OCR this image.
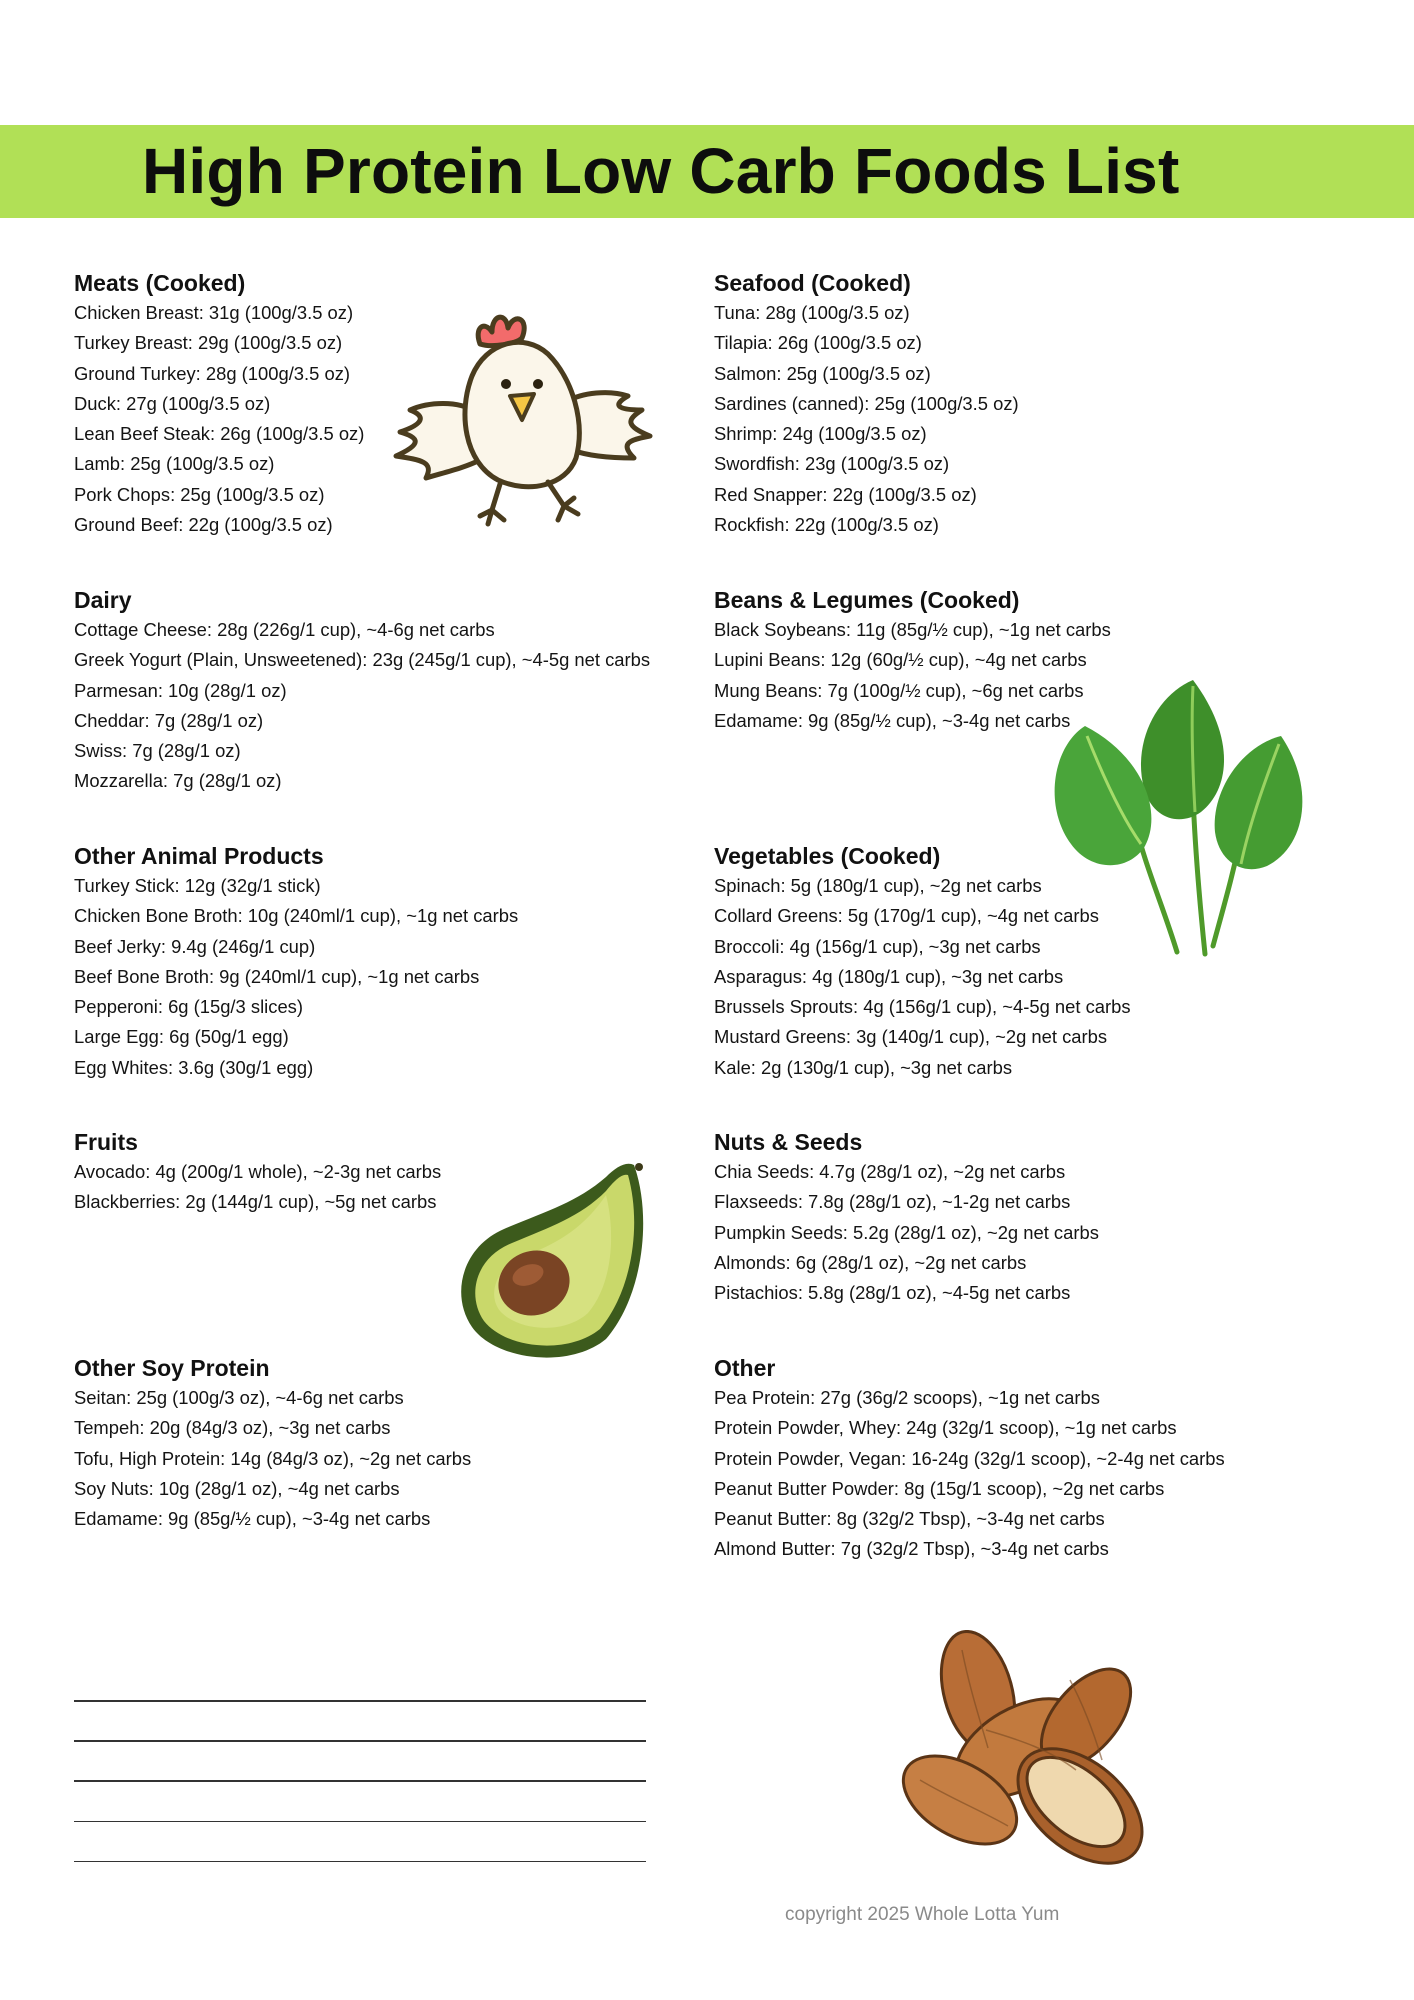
High Protein Low Carb Foods List
Meats (Cooked)
Chicken Breast: 31g (100g/3.5 oz)
Turkey Breast: 29g (100g/3.5 oz)
Ground Turkey: 28g (100g/3.5 oz)
Duck: 27g (100g/3.5 oz)
Lean Beef Steak: 26g (100g/3.5 oz)
Lamb: 25g (100g/3.5 oz)
Pork Chops: 25g (100g/3.5 oz)
Ground Beef: 22g (100g/3.5 oz)
Seafood (Cooked)
Tuna: 28g (100g/3.5 oz)
Tilapia: 26g (100g/3.5 oz)
Salmon: 25g (100g/3.5 oz)
Sardines (canned): 25g (100g/3.5 oz)
Shrimp: 24g (100g/3.5 oz)
Swordfish: 23g (100g/3.5 oz)
Red Snapper: 22g (100g/3.5 oz)
Rockfish: 22g (100g/3.5 oz)
Dairy
Cottage Cheese: 28g (226g/1 cup), ~4-6g net carbs
Greek Yogurt (Plain, Unsweetened): 23g (245g/1 cup), ~4-5g net carbs
Parmesan: 10g (28g/1 oz)
Cheddar: 7g (28g/1 oz)
Swiss: 7g (28g/1 oz)
Mozzarella: 7g (28g/1 oz)
Beans & Legumes (Cooked)
Black Soybeans: 11g (85g/½ cup), ~1g net carbs
Lupini Beans: 12g (60g/½ cup), ~4g net carbs
Mung Beans: 7g (100g/½ cup), ~6g net carbs
Edamame: 9g (85g/½ cup), ~3-4g net carbs
Other Animal Products
Turkey Stick: 12g (32g/1 stick)
Chicken Bone Broth: 10g (240ml/1 cup), ~1g net carbs
Beef Jerky: 9.4g (246g/1 cup)
Beef Bone Broth: 9g (240ml/1 cup), ~1g net carbs
Pepperoni: 6g (15g/3 slices)
Large Egg: 6g (50g/1 egg)
Egg Whites: 3.6g (30g/1 egg)
Vegetables (Cooked)
Spinach: 5g (180g/1 cup), ~2g net carbs
Collard Greens: 5g (170g/1 cup), ~4g net carbs
Broccoli: 4g (156g/1 cup), ~3g net carbs
Asparagus: 4g (180g/1 cup), ~3g net carbs
Brussels Sprouts: 4g (156g/1 cup), ~4-5g net carbs
Mustard Greens: 3g (140g/1 cup), ~2g net carbs
Kale: 2g (130g/1 cup), ~3g net carbs
Fruits
Avocado: 4g (200g/1 whole), ~2-3g net carbs
Blackberries: 2g (144g/1 cup), ~5g net carbs
Nuts & Seeds
Chia Seeds: 4.7g (28g/1 oz), ~2g net carbs
Flaxseeds: 7.8g (28g/1 oz), ~1-2g net carbs
Pumpkin Seeds: 5.2g (28g/1 oz), ~2g net carbs
Almonds: 6g (28g/1 oz), ~2g net carbs
Pistachios: 5.8g (28g/1 oz), ~4-5g net carbs
Other Soy Protein
Seitan: 25g (100g/3 oz), ~4-6g net carbs
Tempeh: 20g (84g/3 oz), ~3g net carbs
Tofu, High Protein: 14g (84g/3 oz), ~2g net carbs
Soy Nuts: 10g (28g/1 oz), ~4g net carbs
Edamame: 9g (85g/½ cup), ~3-4g net carbs
Other
Pea Protein: 27g (36g/2 scoops), ~1g net carbs
Protein Powder, Whey: 24g (32g/1 scoop), ~1g net carbs
Protein Powder, Vegan: 16-24g (32g/1 scoop), ~2-4g net carbs
Peanut Butter Powder: 8g (15g/1 scoop), ~2g net carbs
Peanut Butter: 8g (32g/2 Tbsp), ~3-4g net carbs
Almond Butter: 7g (32g/2 Tbsp), ~3-4g net carbs
copyright 2025 Whole Lotta Yum
